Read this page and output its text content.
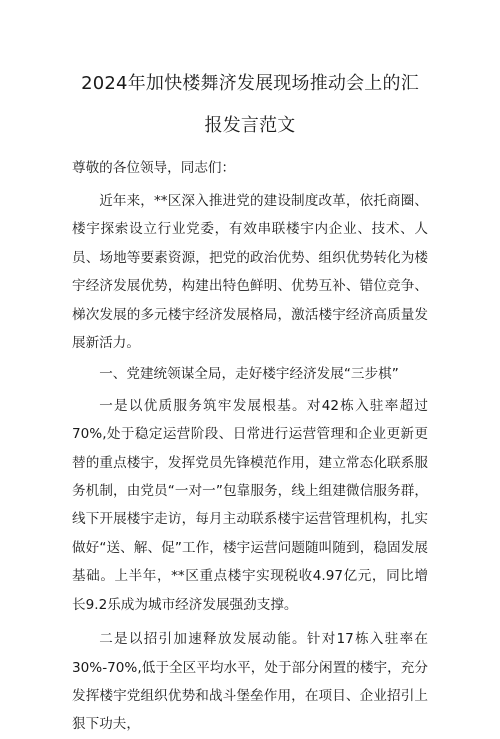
2024年加快楼舞济发展现场推动会上的汇
报发言范文
尊敬的各位领导，同志们：

近年来，**区深入推进党的建设制度改革，依托商圈、楼宇探索设立行业党委，有效串联楼宇内企业、技术、人员、场地等要素资源，把党的政治优势、组织优势转化为楼宇经济发展优势，构建出特色鲜明、优势互补、错位竞争、梯次发展的多元楼宇经济发展格局，激活楼宇经济高质量发展新活力。

一、党建统领谋全局，走好楼宇经济发展“三步棋”

一是以优质服务筑牢发展根基。对42栋入驻率超过70%,处于稳定运营阶段、日常进行运营管理和企业更新更替的重点楼宇，发挥党员先锋模范作用，建立常态化联系服务机制，由党员“一对一”包靠服务，线上组建微信服务群，线下开展楼宇走访，每月主动联系楼宇运营管理机构，扎实做好“送、解、促”工作，楼宇运营问题随叫随到，稳固发展基础。上半年，**区重点楼宇实现税收4.97亿元，同比增长9.2乐成为城市经济发展强劲支撑。

二是以招引加速释放发展动能。针对17栋入驻率在30%-70%,低于全区平均水平，处于部分闲置的楼宇，充分发挥楼宇党组织优势和战斗堡垒作用，在项目、企业招引上狠下功夫，
